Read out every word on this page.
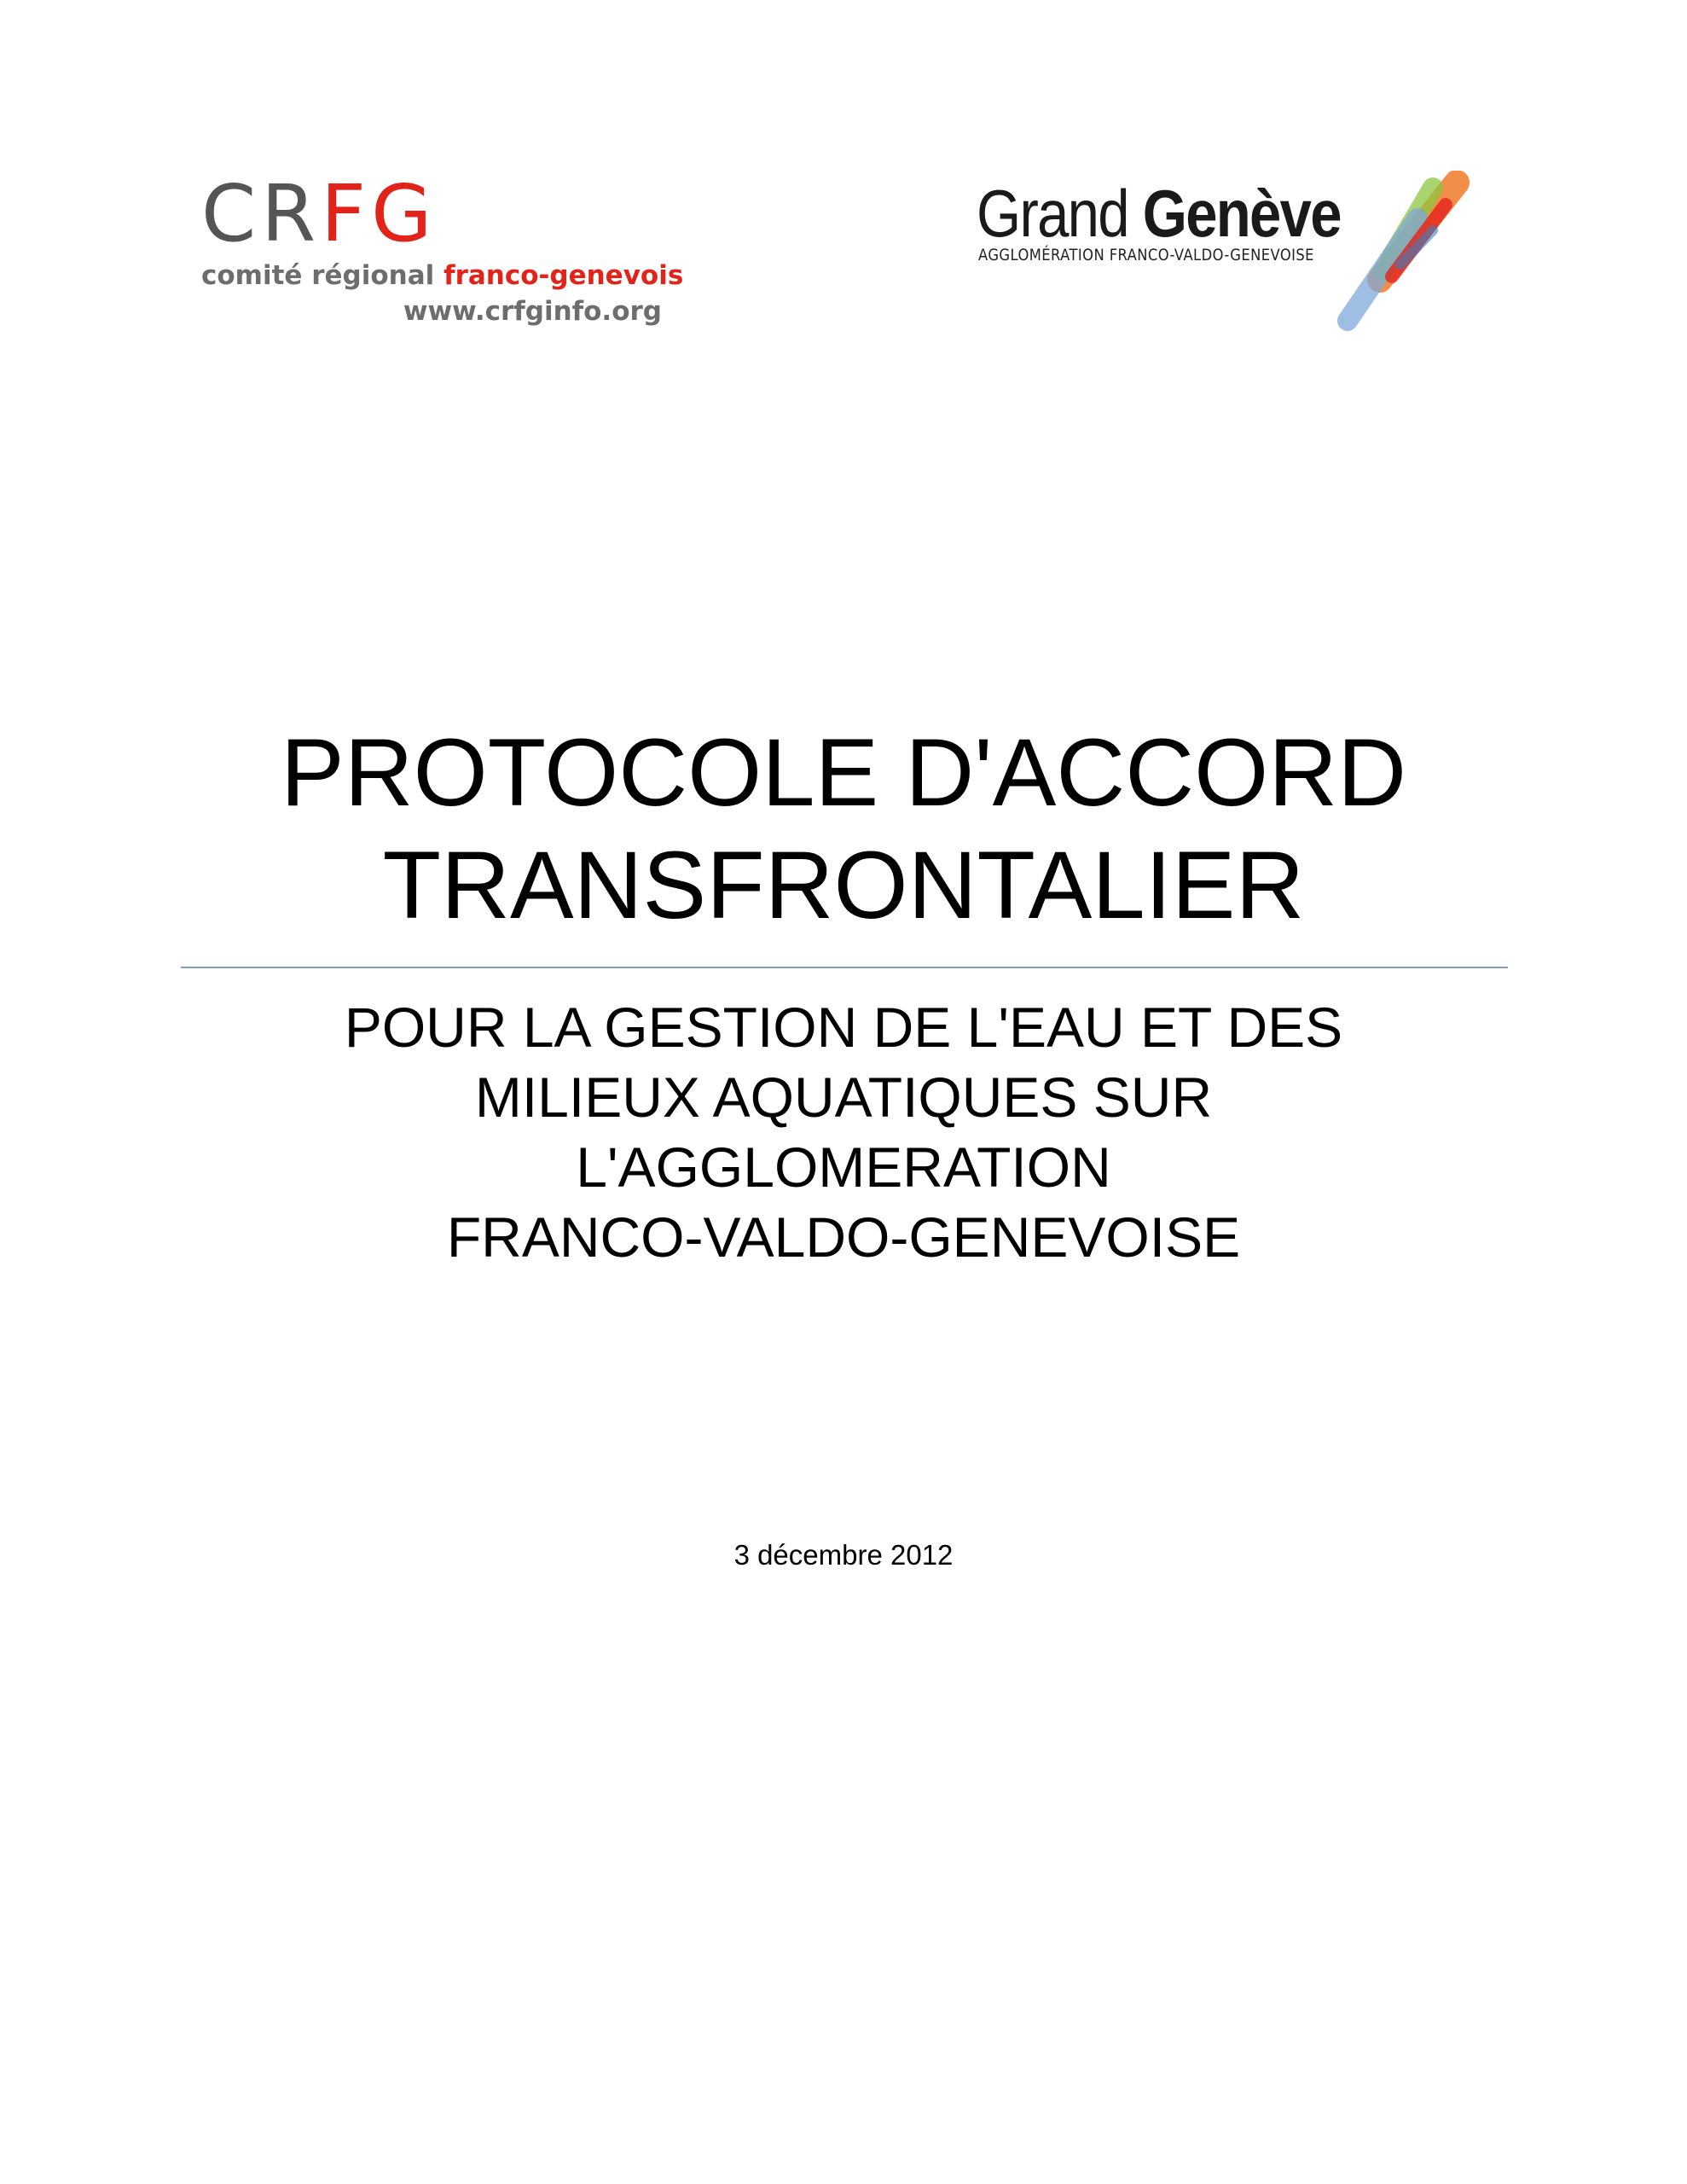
CRFG
comité régional franco-genevois
www.crfginfo.org
Grand Genève
AGGLOMÉRATION FRANCO-VALDO-GENEVOISE
PROTOCOLE D'ACCORD
TRANSFRONTALIER
POUR LA GESTION DE L'EAU ET DES
MILIEUX AQUATIQUES SUR
L'AGGLOMERATION
FRANCO-VALDO-GENEVOISE
3 décembre 2012
